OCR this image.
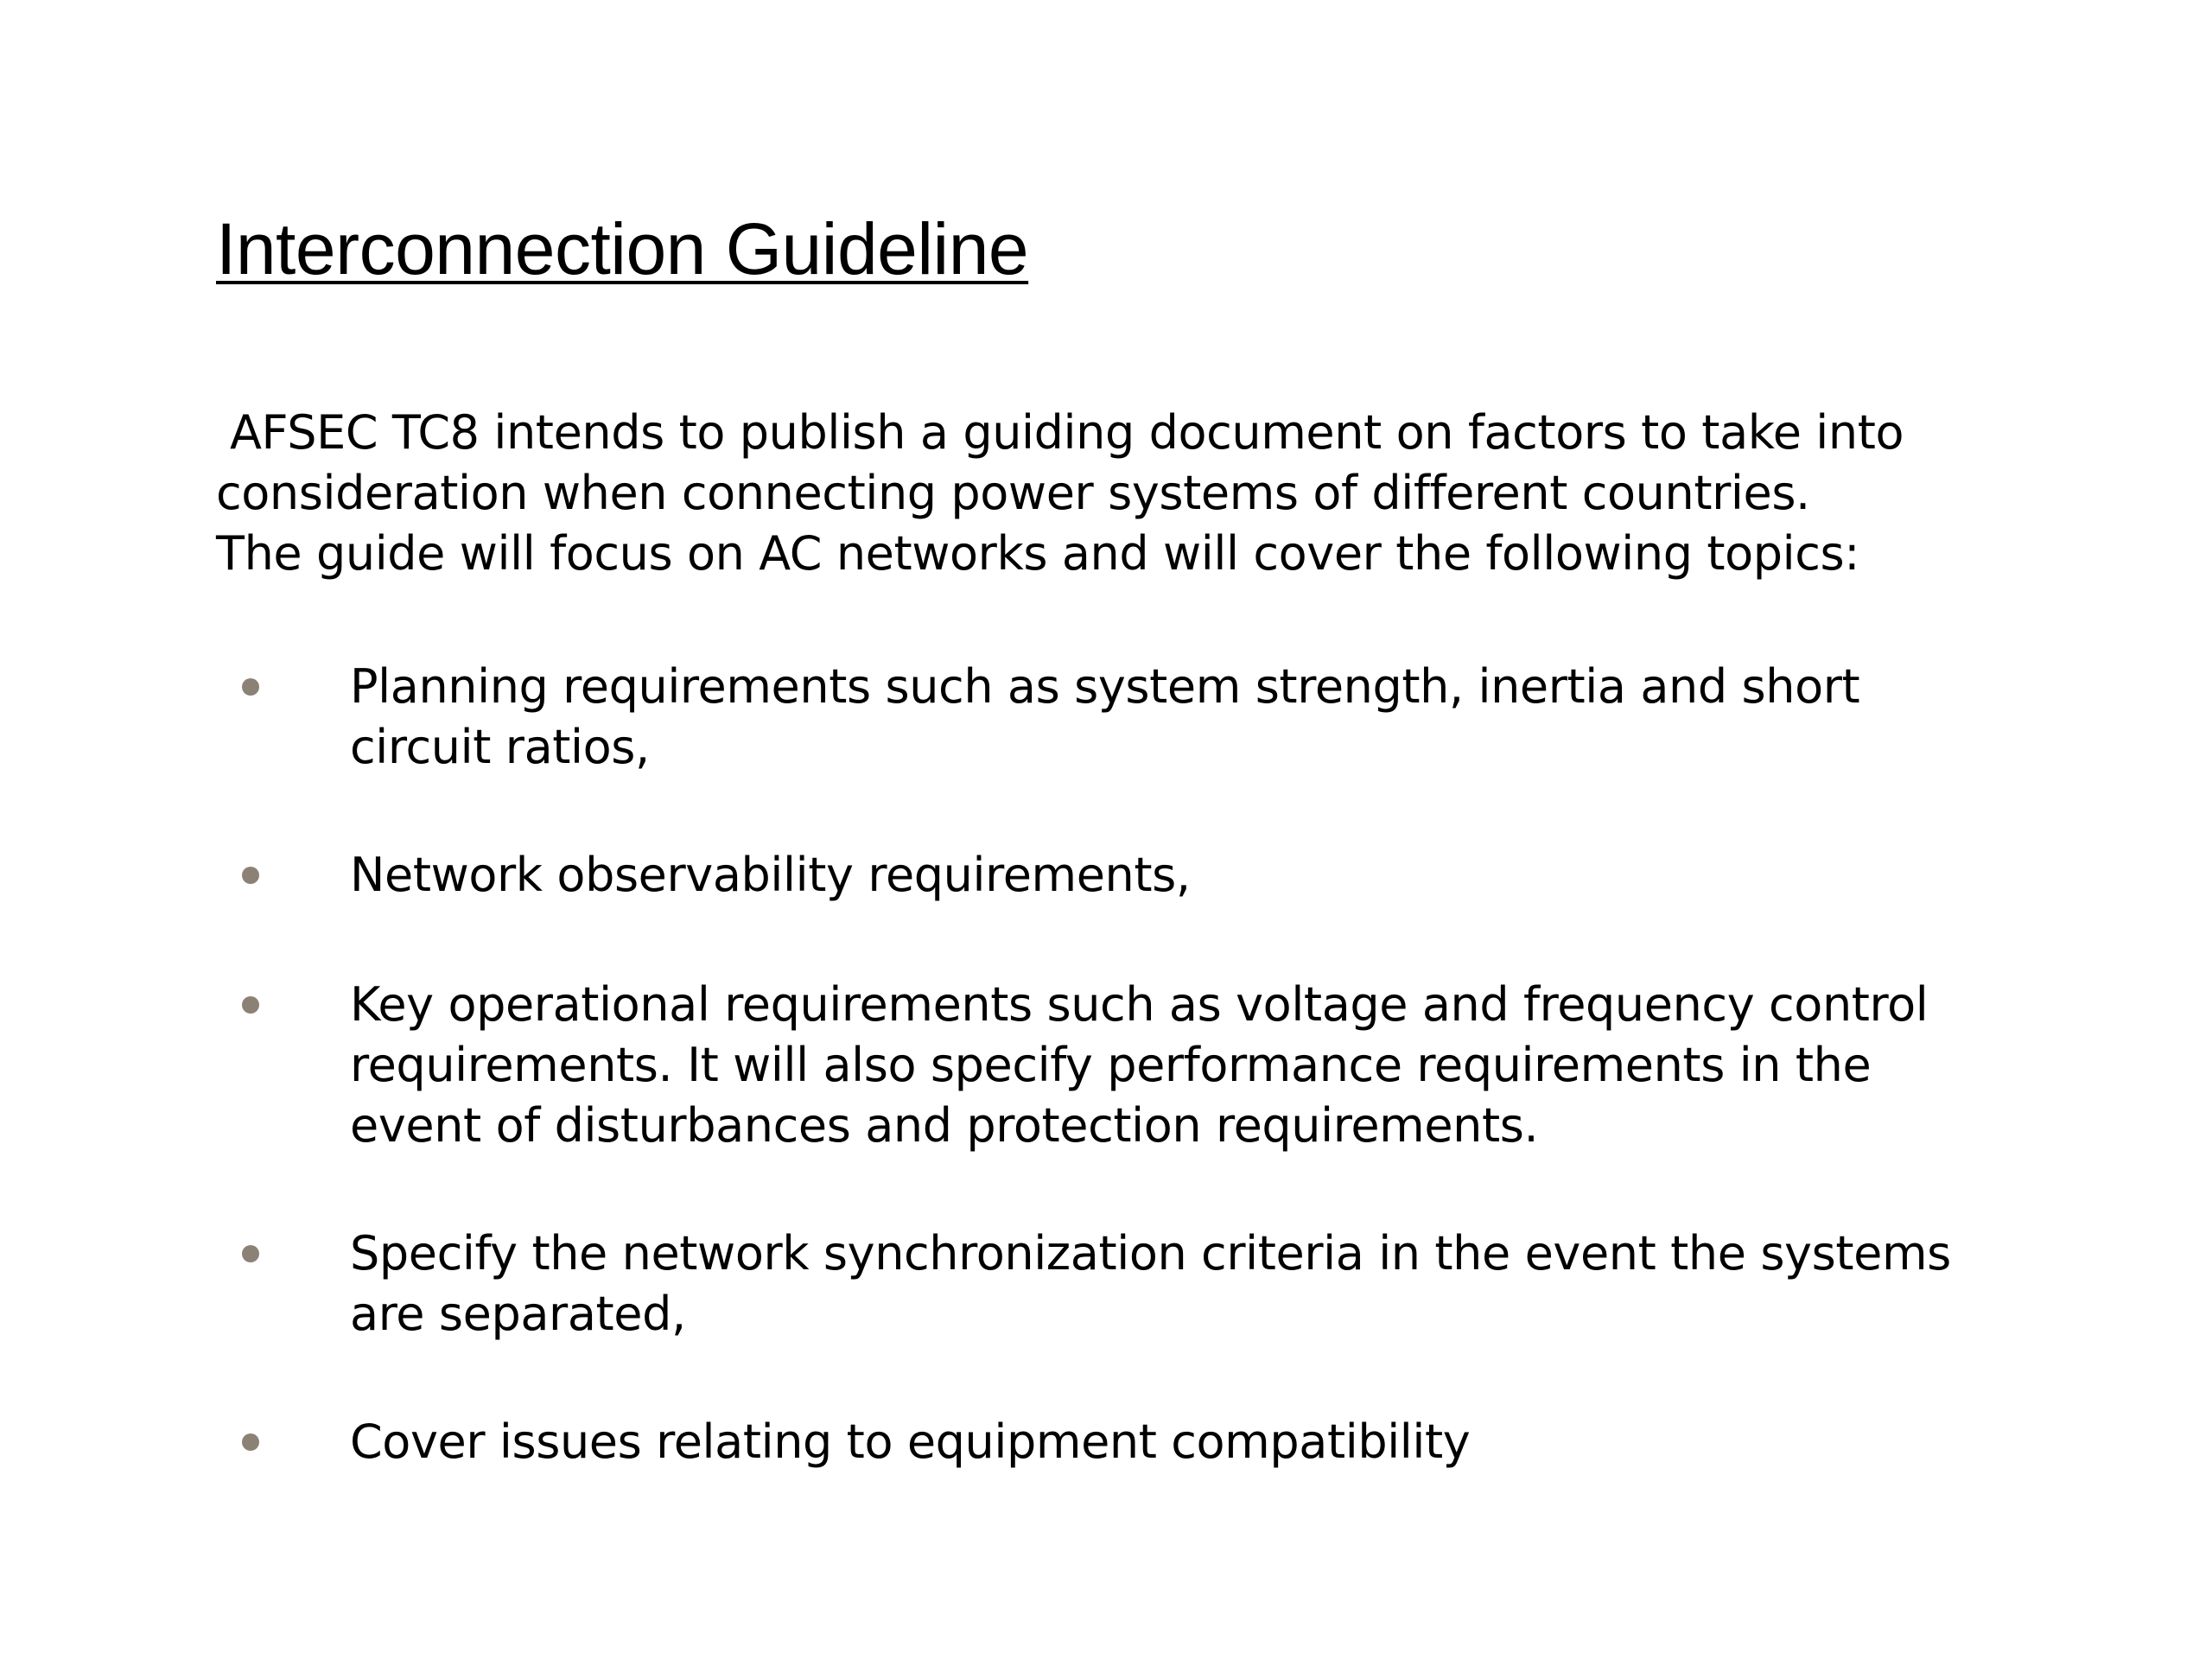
Interconnection Guideline

AFSEC TC8 intends to publish a guiding document on factors to take into
consideration when connecting power systems of different countries.
The guide will focus on AC networks and will cover the following topics:

Planning requirements such as system strength, inertia and short
circuit ratios,
Network observability requirements,
Key operational requirements such as voltage and frequency control
requirements. It will also specify performance requirements in the
event of disturbances and protection requirements.
Specify the network synchronization criteria in the event the systems
are separated,
Cover issues relating to equipment compatibility
